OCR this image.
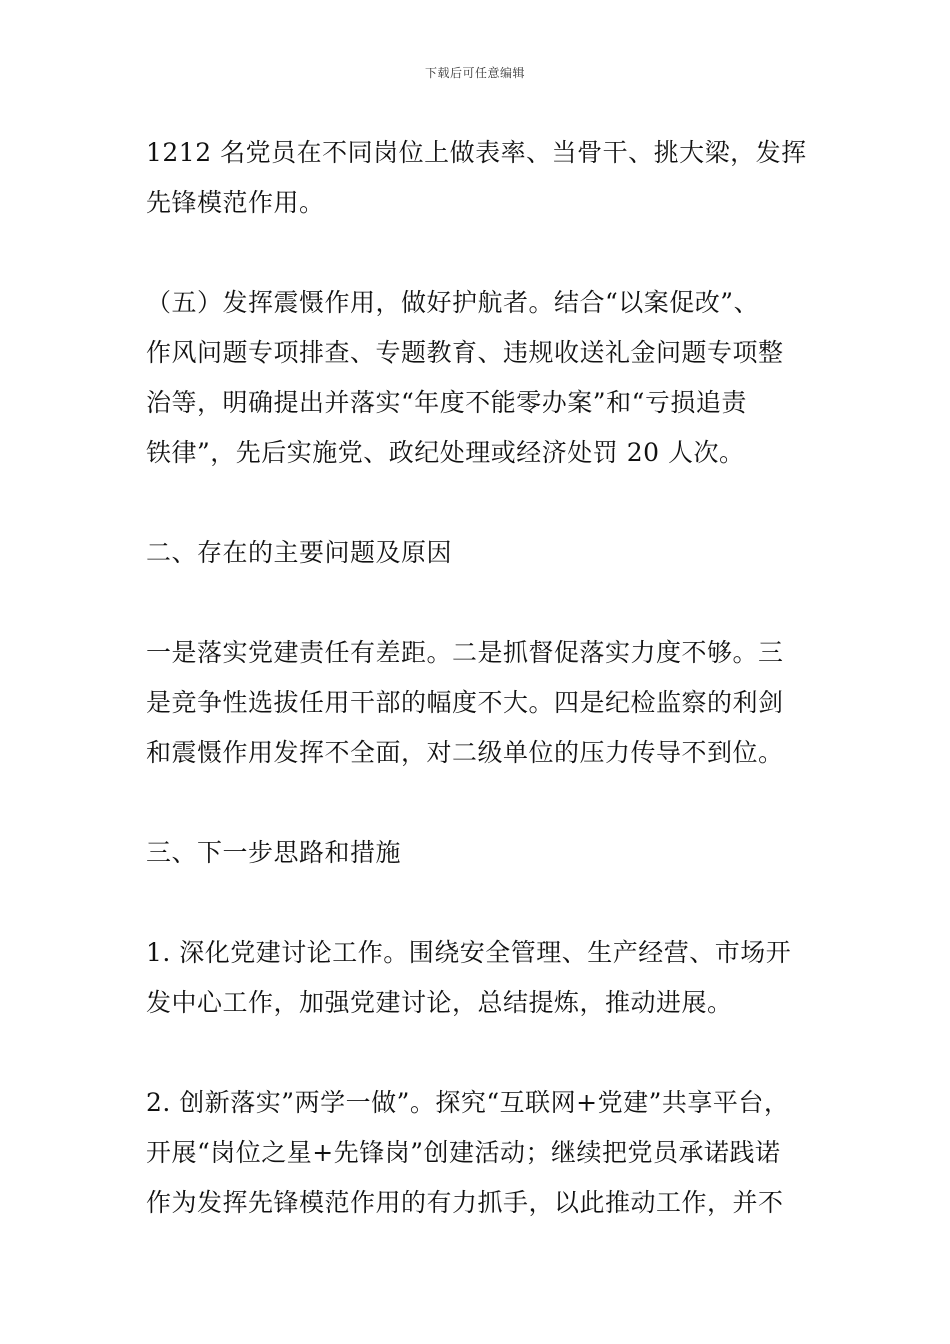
下载后可任意编辑

1212 名党员在不同岗位上做表率、当骨干、挑大梁，发挥
先锋模范作用。

（五）发挥震慑作用，做好护航者。结合“以案促改”、
作风问题专项排查、专题教育、违规收送礼金问题专项整
治等，明确提出并落实“年度不能零办案”和“亏损追责
铁律”，先后实施党、政纪处理或经济处罚 20 人次。

二、存在的主要问题及原因

一是落实党建责任有差距。二是抓督促落实力度不够。三
是竞争性选拔任用干部的幅度不大。四是纪检监察的利剑
和震慑作用发挥不全面，对二级单位的压力传导不到位。

三、下一步思路和措施

1. 深化党建讨论工作。围绕安全管理、生产经营、市场开
发中心工作，加强党建讨论，总结提炼，推动进展。

2. 创新落实”两学一做”。探究“互联网+党建”共享平台，
开展“岗位之星+先锋岗”创建活动；继续把党员承诺践诺
作为发挥先锋模范作用的有力抓手，以此推动工作，并不
